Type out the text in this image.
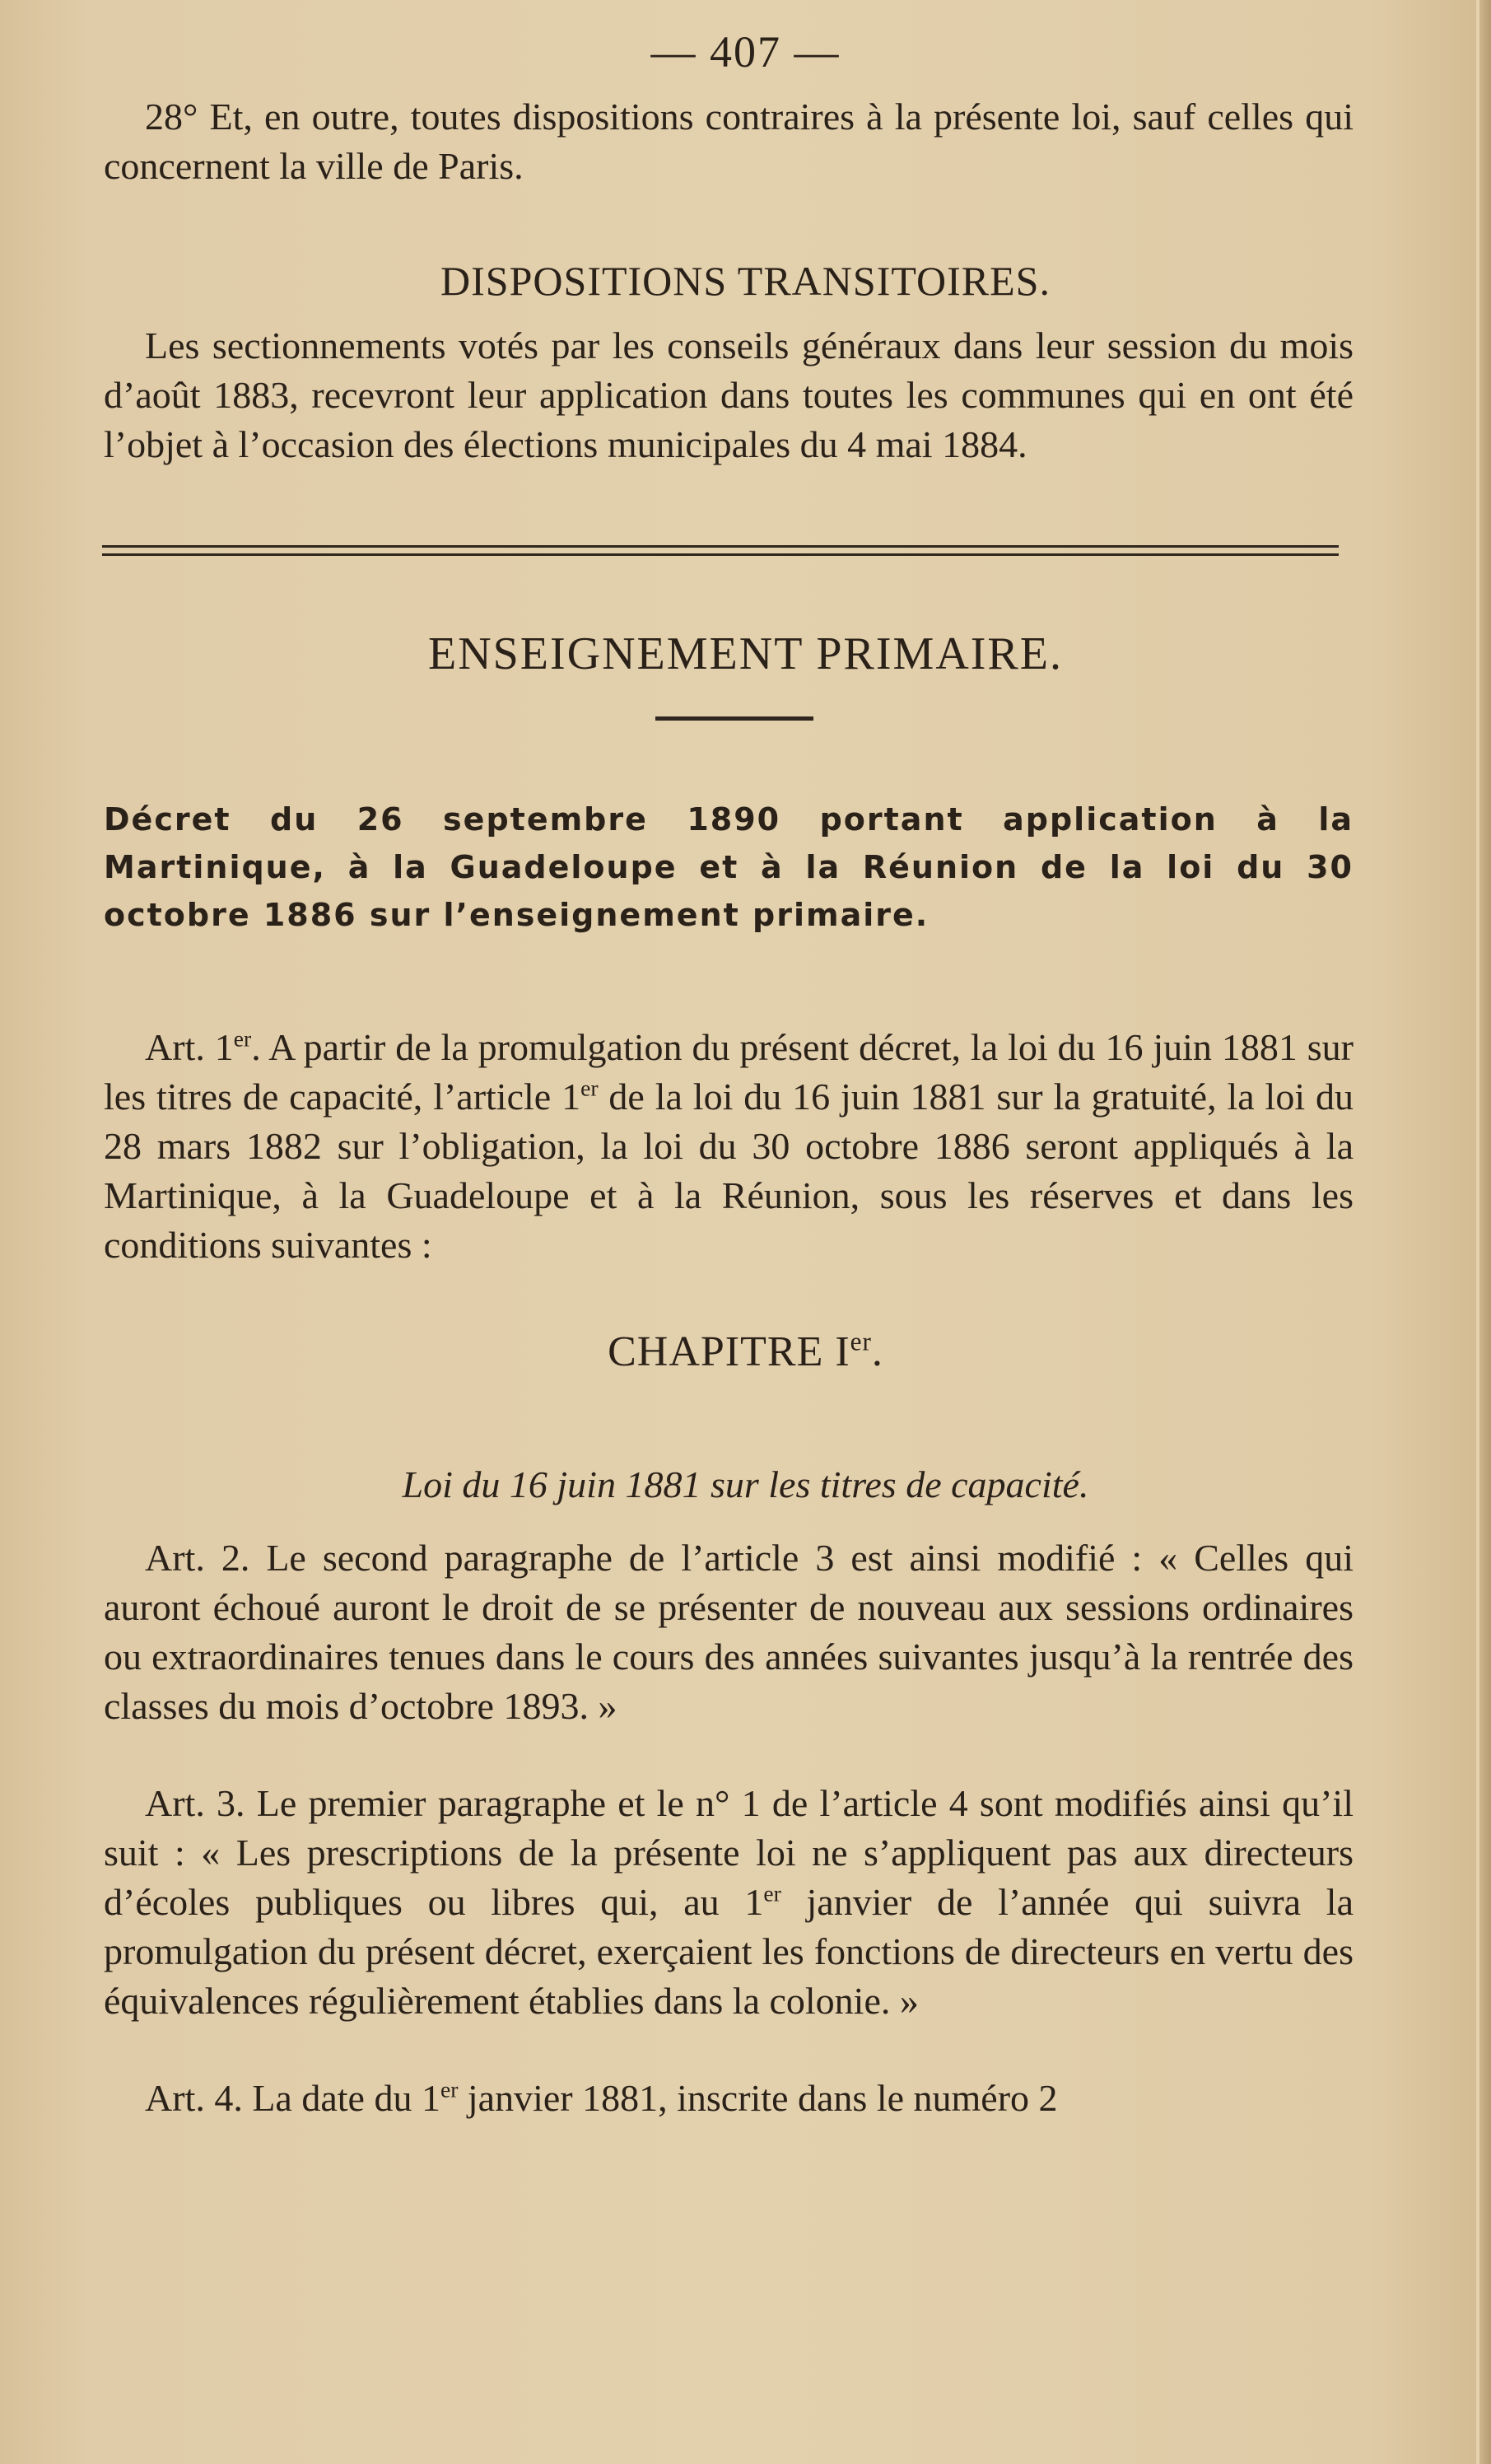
— 407 —

28° Et, en outre, toutes dispositions contraires à la présente loi, sauf celles qui concernent la ville de Paris.

DISPOSITIONS TRANSITOIRES.

Les sectionnements votés par les conseils généraux dans leur session du mois d’août 1883, recevront leur application dans toutes les communes qui en ont été l’objet à l’occasion des élections municipales du 4 mai 1884.

ENSEIGNEMENT PRIMAIRE.

Décret du 26 septembre 1890 portant application à la Martinique, à la Guadeloupe et à la Réunion de la loi du 30 octobre 1886 sur l’enseignement primaire.

Art. 1er. A partir de la promulgation du présent décret, la loi du 16 juin 1881 sur les titres de capacité, l’article 1er de la loi du 16 juin 1881 sur la gratuité, la loi du 28 mars 1882 sur l’obligation, la loi du 30 octobre 1886 seront appliqués à la Martinique, à la Guadeloupe et à la Réunion, sous les réserves et dans les conditions suivantes :

CHAPITRE Ier.
Loi du 16 juin 1881 sur les titres de capacité.

Art. 2. Le second paragraphe de l’article 3 est ainsi modifié : « Celles qui auront échoué auront le droit de se présenter de nouveau aux sessions ordinaires ou extraordinaires tenues dans le cours des années suivantes jusqu’à la rentrée des classes du mois d’octobre 1893. »

Art. 3. Le premier paragraphe et le n° 1 de l’article 4 sont modifiés ainsi qu’il suit : « Les prescriptions de la présente loi ne s’appliquent pas aux directeurs d’écoles publiques ou libres qui, au 1er janvier de l’année qui suivra la promulgation du présent décret, exerçaient les fonctions de directeurs en vertu des équivalences régulièrement établies dans la colonie. »

Art. 4. La date du 1er janvier 1881, inscrite dans le numéro 2
